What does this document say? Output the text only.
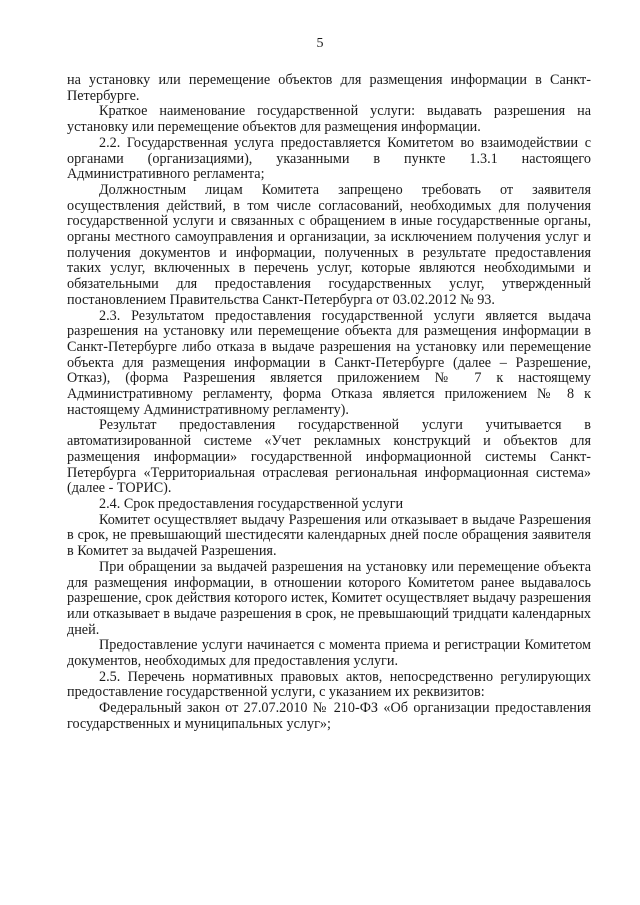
5

на установку или перемещение объектов для размещения информации в Санкт-Петербурге.

Краткое наименование государственной услуги: выдавать разрешения на установку или перемещение объектов для размещения информации.

2.2. Государственная услуга предоставляется Комитетом во взаимодействии с органами (организациями), указанными в пункте 1.3.1 настоящего Административного регламента;

Должностным лицам Комитета запрещено требовать от заявителя осуществления действий, в том числе согласований, необходимых для получения государственной услуги и связанных с обращением в иные государственные органы, органы местного самоуправления и организации, за исключением получения услуг и получения документов и информации, полученных в результате предоставления таких услуг, включенных в перечень услуг, которые являются необходимыми и обязательными для предоставления государственных услуг, утвержденный постановлением Правительства Санкт-Петербурга от 03.02.2012 № 93.

2.3. Результатом предоставления государственной услуги является выдача разрешения на установку или перемещение объекта для размещения информации в Санкт-Петербурге либо отказа в выдаче разрешения на установку или перемещение объекта для размещения информации в Санкт-Петербурге (далее – Разрешение, Отказ), (форма Разрешения является приложением № 7 к настоящему Административному регламенту, форма Отказа является приложением № 8 к настоящему Административному регламенту).

Результат предоставления государственной услуги учитывается в автоматизированной системе «Учет рекламных конструкций и объектов для размещения информации» государственной информационной системы Санкт-Петербурга «Территориальная отраслевая региональная информационная система» (далее - ТОРИС).

2.4. Срок предоставления государственной услуги

Комитет осуществляет выдачу Разрешения или отказывает в выдаче Разрешения в срок, не превышающий шестидесяти календарных дней после обращения заявителя в Комитет за выдачей Разрешения.

При обращении за выдачей разрешения на установку или перемещение объекта для размещения информации, в отношении которого Комитетом ранее выдавалось разрешение, срок действия которого истек, Комитет осуществляет выдачу разрешения или отказывает в выдаче разрешения в срок, не превышающий тридцати календарных дней.

Предоставление услуги начинается с момента приема и регистрации Комитетом документов, необходимых для предоставления услуги.

2.5. Перечень нормативных правовых актов, непосредственно регулирующих предоставление государственной услуги, с указанием их реквизитов:

Федеральный закон от 27.07.2010 № 210-ФЗ «Об организации предоставления государственных и муниципальных услуг»;
